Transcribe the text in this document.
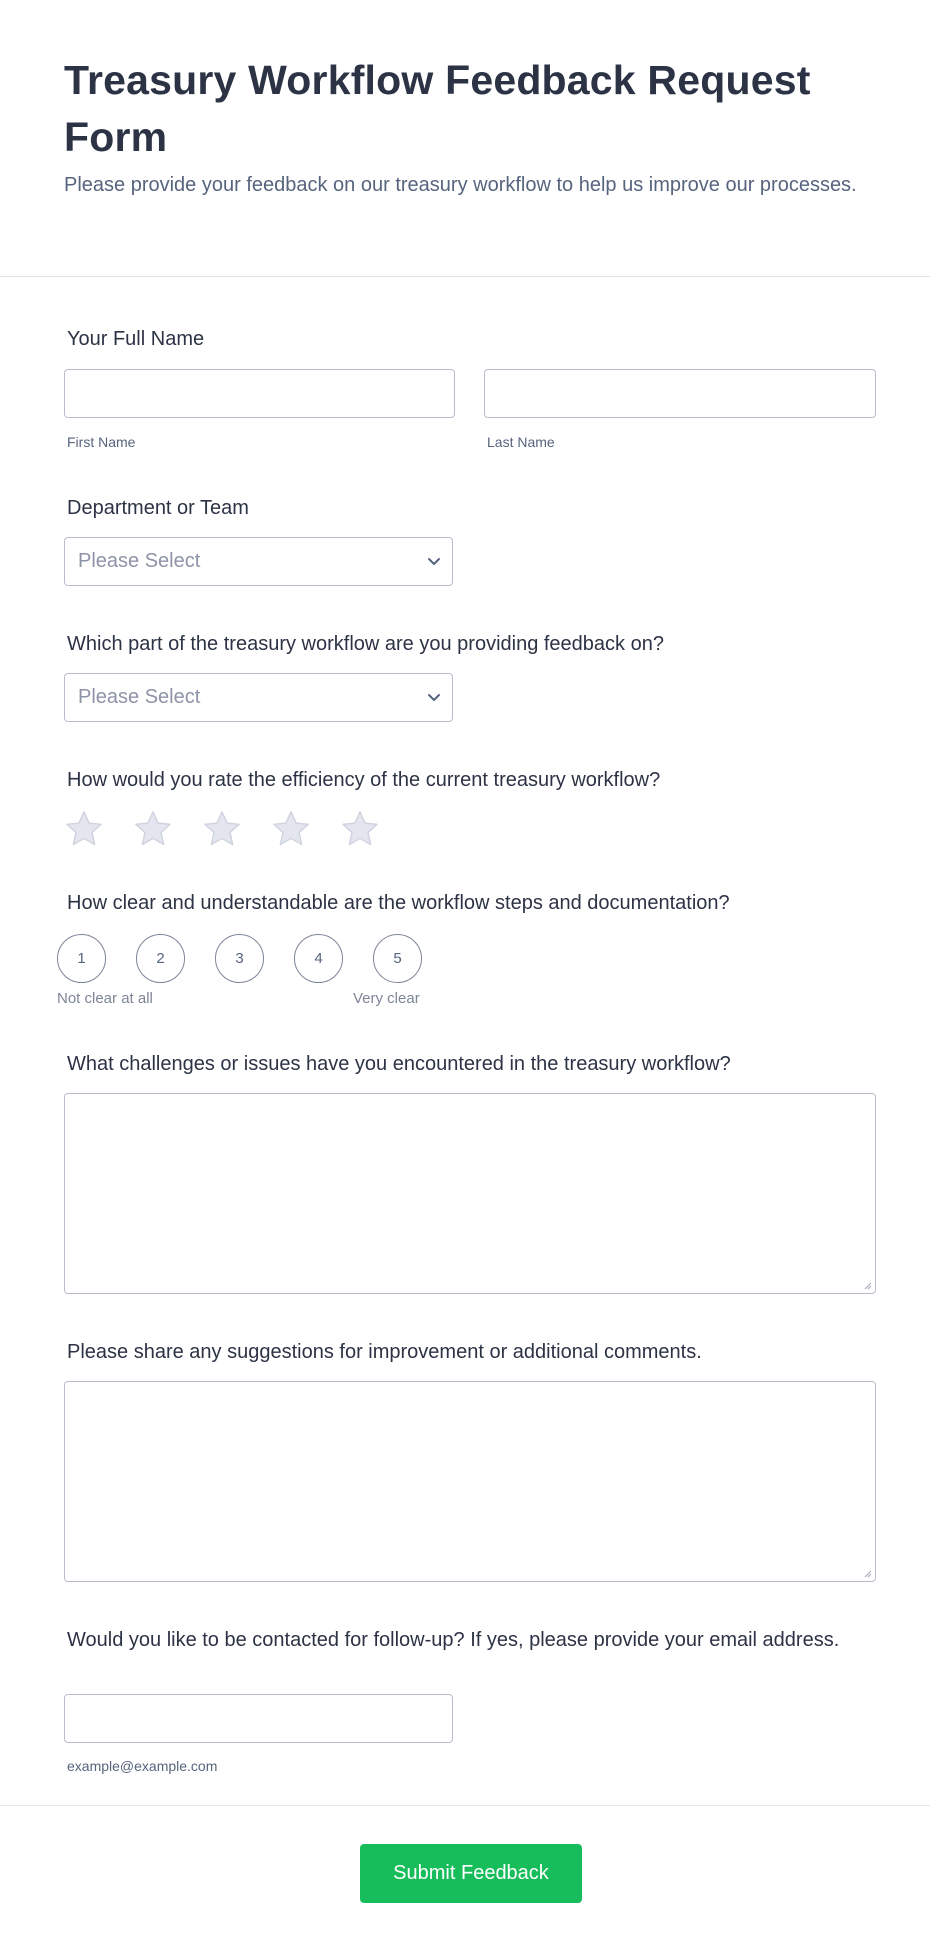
Treasury Workflow Feedback Request Form

Please provide your feedback on our treasury workflow to help us improve our processes.

Your Full Name
First Name	Last Name
Department or Team
Please Select
Which part of the treasury workflow are you providing feedback on?
Please Select
How would you rate the efficiency of the current treasury workflow?
How clear and understandable are the workflow steps and documentation?
1	2	3	4	5
Not clear at all	Very clear
What challenges or issues have you encountered in the treasury workflow?
Please share any suggestions for improvement or additional comments.
Would you like to be contacted for follow-up? If yes, please provide your email address.
example@example.com
Submit Feedback
